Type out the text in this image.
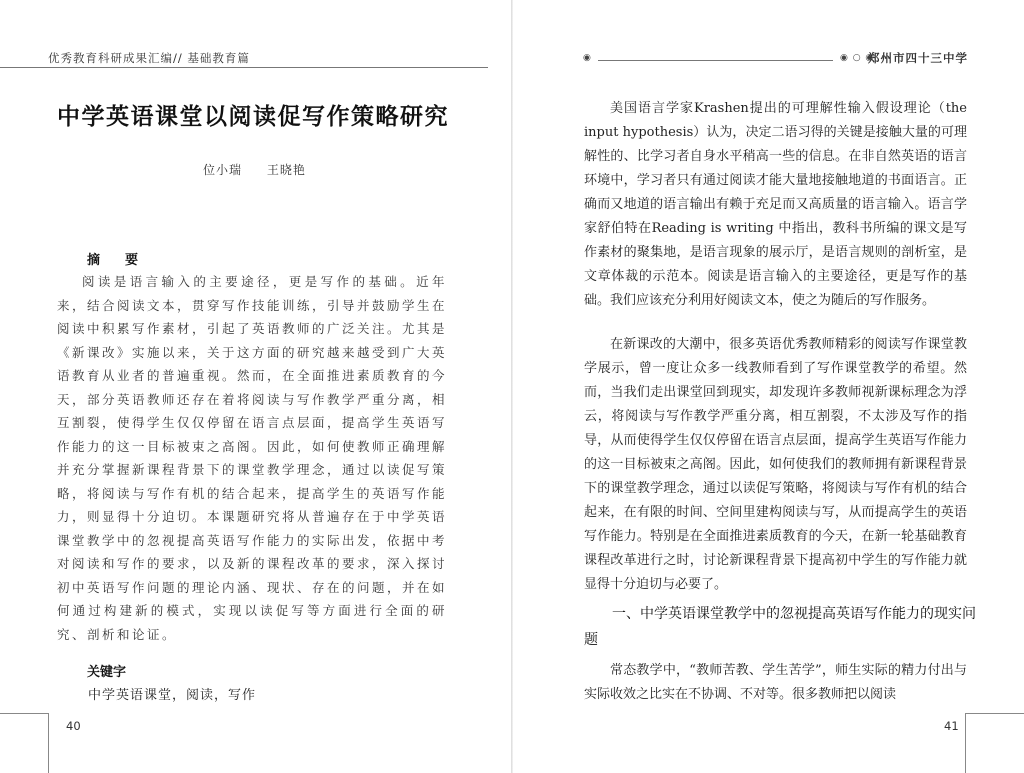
优秀教育科研成果汇编// 基础教育篇
中学英语课堂以阅读促写作策略研究
位小瑞 王晓艳
摘　要

阅读是语言输入的主要途径，更是写作的基础。近年来，结合阅读文本，贯穿写作技能训练，引导并鼓励学生在阅读中积累写作素材，引起了英语教师的广泛关注。尤其是《新课改》实施以来，关于这方面的研究越来越受到广大英语教育从业者的普遍重视。然而，在全面推进素质教育的今天，部分英语教师还存在着将阅读与写作教学严重分离，相互割裂，使得学生仅仅停留在语言点层面，提高学生英语写作能力的这一目标被束之高阁。因此，如何使教师正确理解并充分掌握新课程背景下的课堂教学理念，通过以读促写策略，将阅读与写作有机的结合起来，提高学生的英语写作能力，则显得十分迫切。本课题研究将从普遍存在于中学英语课堂教学中的忽视提高英语写作能力的实际出发，依据中考对阅读和写作的要求，以及新的课程改革的要求，深入探讨初中英语写作问题的理论内涵、现状、存在的问题，并在如何通过构建新的模式，实现以读促写等方面进行全面的研究、剖析和论证。

关键字
中学英语课堂，阅读，写作
40
◉	◉ ○ ◉
郑州市四十三中学

美国语言学家Krashen提出的可理解性输入假设理论（the input hypothesis）认为，决定二语习得的关键是接触大量的可理解性的、比学习者自身水平稍高一些的信息。在非自然英语的语言环境中，学习者只有通过阅读才能大量地接触地道的书面语言。正确而又地道的语言输出有赖于充足而又高质量的语言输入。语言学家舒伯特在Reading is writing 中指出，教科书所编的课文是写作素材的聚集地，是语言现象的展示厅，是语言规则的剖析室，是文章体裁的示范本。阅读是语言输入的主要途径，更是写作的基础。我们应该充分利用好阅读文本，使之为随后的写作服务。

在新课改的大潮中，很多英语优秀教师精彩的阅读写作课堂教学展示，曾一度让众多一线教师看到了写作课堂教学的希望。然而，当我们走出课堂回到现实，却发现许多教师视新课标理念为浮云，将阅读与写作教学严重分离，相互割裂，不太涉及写作的指导，从而使得学生仅仅停留在语言点层面，提高学生英语写作能力的这一目标被束之高阁。因此，如何使我们的教师拥有新课程背景下的课堂教学理念，通过以读促写策略，将阅读与写作有机的结合起来，在有限的时间、空间里建构阅读与写，从而提高学生的英语写作能力。特别是在全面推进素质教育的今天，在新一轮基础教育课程改革进行之时，讨论新课程背景下提高初中学生的写作能力就显得十分迫切与必要了。

一、中学英语课堂教学中的忽视提高英语写作能力的现实问题

常态教学中，“教师苦教、学生苦学”，师生实际的精力付出与实际收效之比实在不协调、不对等。很多教师把以阅读

41
